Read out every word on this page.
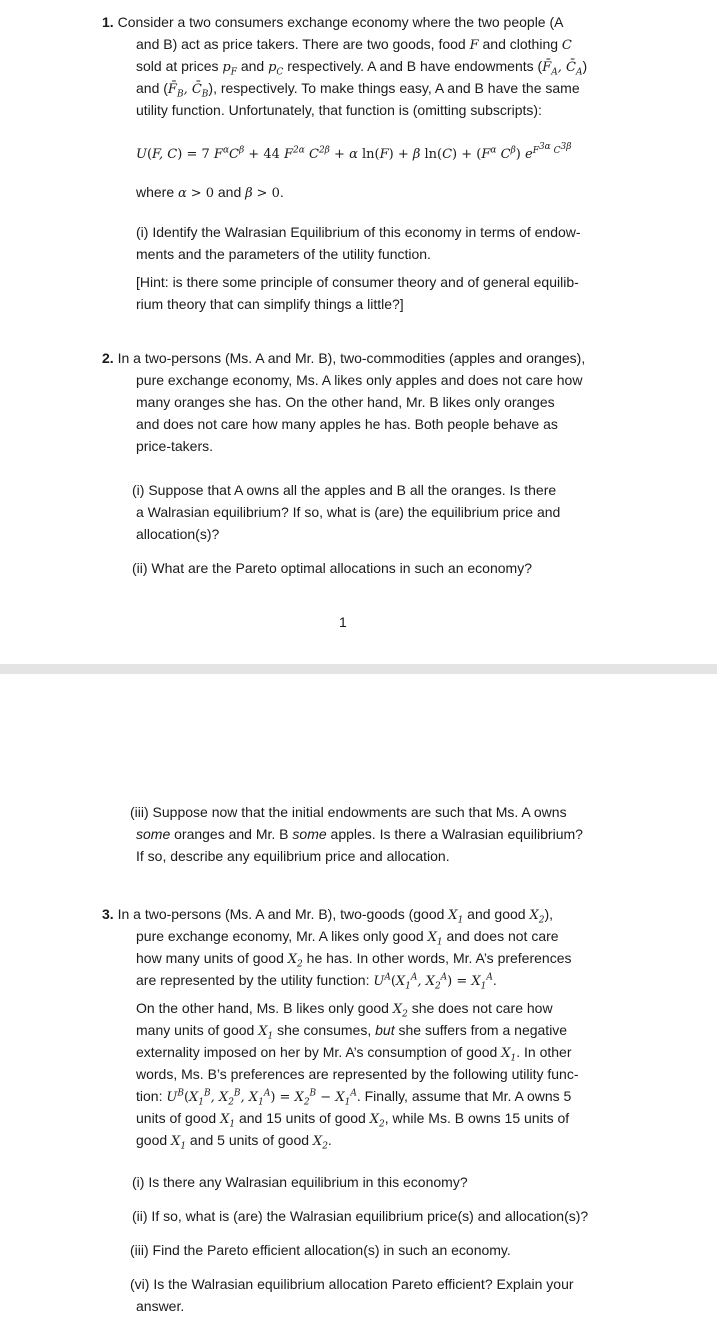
1. Consider a two consumers exchange economy where the two people (A
and B) act as price takers. There are two goods, food F and clothing C
sold at prices $p_F$ and $p_C$ respectively. A and B have endowments ($F̄_A$, $C̄_A$)
and ($F̄_B$, $C̄_B$), respectively. To make things easy, A and B have the same
utility function. Unfortunately, that function is (omitting subscripts):
U(F, C) = 7 $F^\alpha C^\beta + 44$ $F^{2\alpha}$ $C^{2\beta} + \alpha$ ln(F) + β $\ln(C) + (F^\alpha$ $C^\beta$) $e^{F^{3\alpha} C^{3\beta}}$
where α > 0 and β > 0.
(i) Identify the Walrasian Equilibrium of this economy in terms of endow-
ments and the parameters of the utility function.
[Hint: is there some principle of consumer theory and of general equilib-
rium theory that can simplify things a little?]
2. In a two-persons (Ms. A and Mr. B), two-commodities (apples and oranges),
pure exchange economy, Ms. A likes only apples and does not care how
many oranges she has. On the other hand, Mr. B likes only oranges
and does not care how many apples he has. Both people behave as
price-takers.
(i) Suppose that A owns all the apples and B all the oranges. Is there
a Walrasian equilibrium? If so, what is (are) the equilibrium price and
allocation(s)?
(ii) What are the Pareto optimal allocations in such an economy?
1
(iii) Suppose now that the initial endowments are such that Ms. A owns
some oranges and Mr. B some apples. Is there a Walrasian equilibrium?
If so, describe any equilibrium price and allocation.
3. In a two-persons (Ms. A and Mr. B), two-goods (good $X_1$ and good $X_2$),
pure exchange economy, Mr. A likes only good $X_1$ and does not care
how many units of good $X_2$ he has. In other words, Mr. A’s preferences
are represented by the utility function: $U^A(X_1^A$, $X_2^A) = X_1^A$.
On the other hand, Ms. B likes only good $X_2$ she does not care how
many units of good $X_1$ she consumes, but she suffers from a negative
externality imposed on her by Mr. A’s consumption of good $X_1$. In other
words, Ms. B’s preferences are represented by the following utility func-
tion: $U^B(X_1^B$, $X_2^B$, $X_1^A) = X_2^B - X_1^A$. Finally, assume that Mr. A owns 5
units of good $X_1$ and 15 units of good $X_2$, while Ms. B owns 15 units of
good $X_1$ and 5 units of good $X_2$.
(i) Is there any Walrasian equilibrium in this economy?
(ii) If so, what is (are) the Walrasian equilibrium price(s) and allocation(s)?
(iii) Find the Pareto efficient allocation(s) in such an economy.
(vi) Is the Walrasian equilibrium allocation Pareto efficient? Explain your
answer.
